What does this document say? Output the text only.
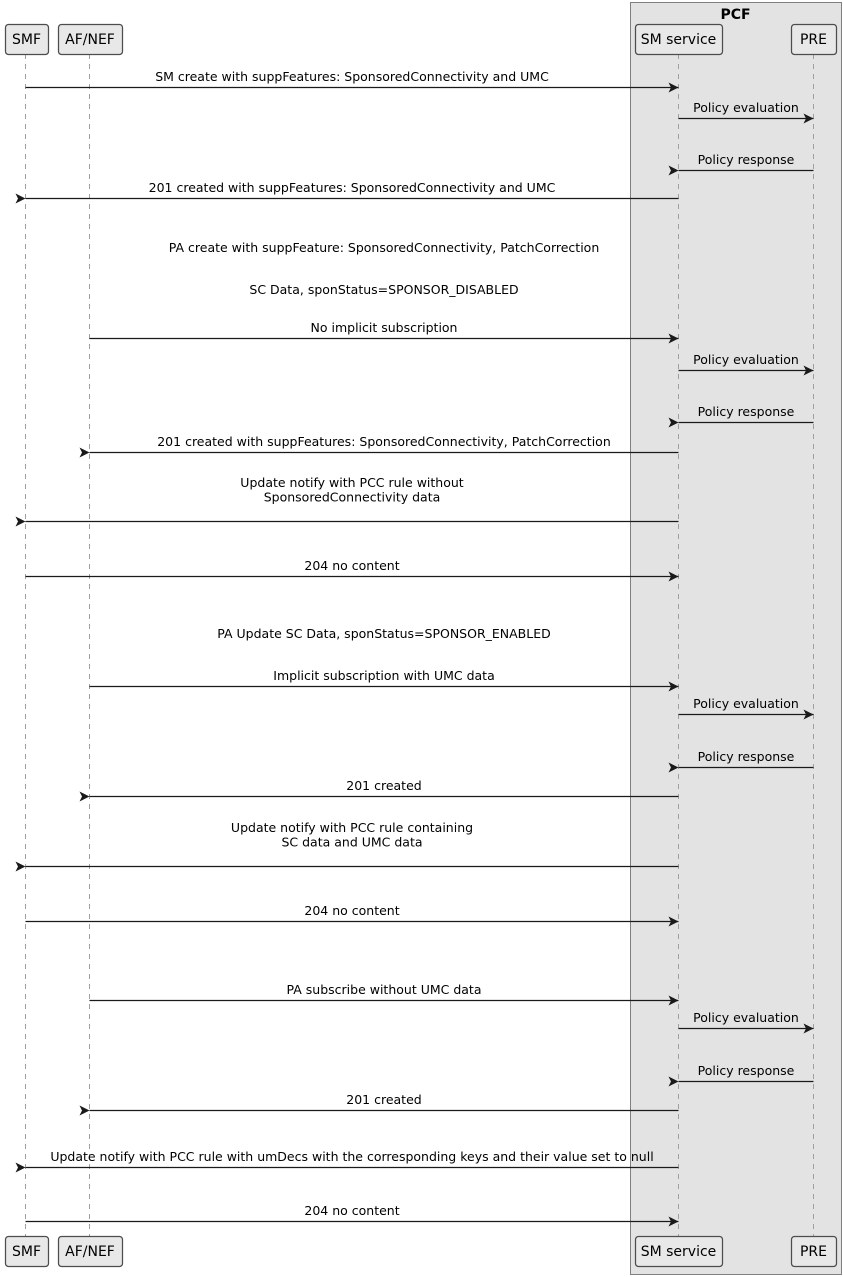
PCF
SM create with suppFeatures: SponsoredConnectivity and UMC
Policy evaluation
Policy response
201 created with suppFeatures: SponsoredConnectivity and UMC
PA create with suppFeature: SponsoredConnectivity, PatchCorrection
SC Data, sponStatus=SPONSOR_DISABLED
No implicit subscription
Policy evaluation
Policy response
201 created with suppFeatures: SponsoredConnectivity, PatchCorrection
Update notify with PCC rule without
SponsoredConnectivity data
204 no content
PA Update SC Data, sponStatus=SPONSOR_ENABLED
Implicit subscription with UMC data
Policy evaluation
Policy response
201 created
Update notify with PCC rule containing
SC data and UMC data
204 no content
PA subscribe without UMC data
Policy evaluation
Policy response
201 created
Update notify with PCC rule with umDecs with the corresponding keys and their value set to null
204 no content
SMF
SMF
AF/NEF
AF/NEF
SM service
SM service
PRE
PRE
